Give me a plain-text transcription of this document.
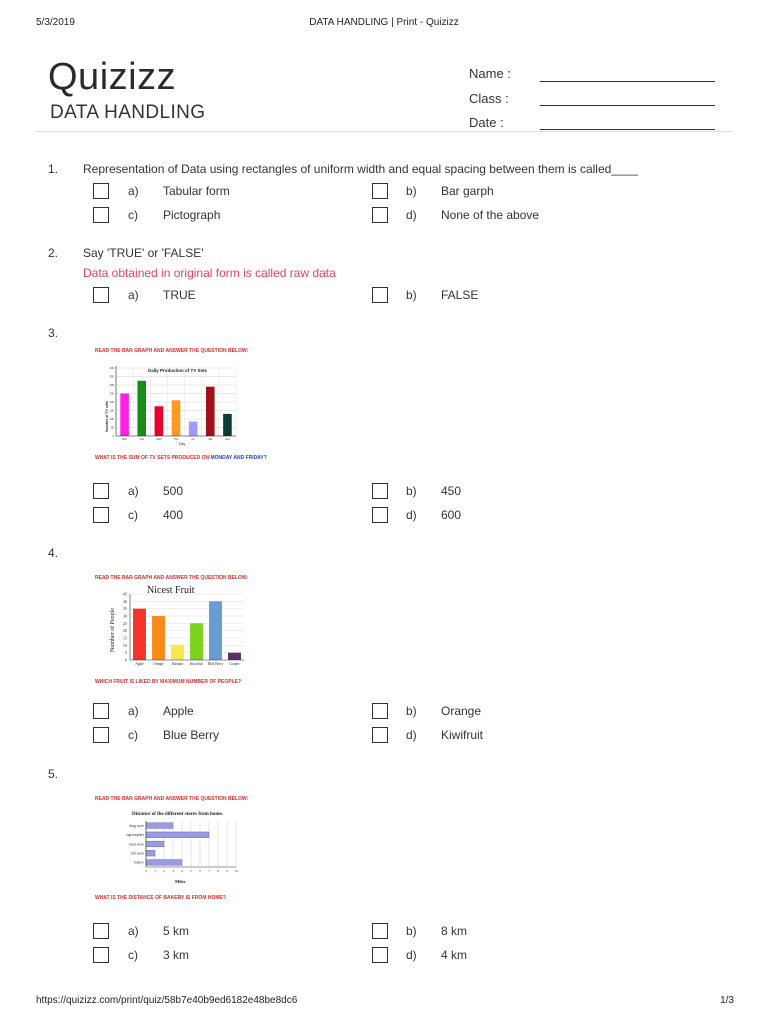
5/3/2019	DATA HANDLING | Print - Quizizz
Quizizz
DATA HANDLING
Name :
Class :
Date :
1. Representation of Data using rectangles of uniform width and equal spacing between them is called____
a) Tabular form	b) Bar garph
c) Pictograph	d) None of the above
2. Say 'TRUE' or 'FALSE'
Data obtained in original form is called raw data
a) TRUE	b) FALSE
3.
READ THE BAR GRAPH AND ANSWER THE QUESTION BELOW:
Daily Production of TV Sets
Number of TV sets
Day
0
50
100
150
200
250
300
350
400
Mon	Tue	Wed	Thu	Fri	Sat	Sun
WHAT IS THE SUM OF TV SETS PRODUCED ON MONDAY AND FRIDAY?
a) 500	b) 450
c) 400	d) 600
4.
READ THE BAR GRAPH AND ANSWER THE QUESTION BELOW:
Nicest Fruit
Number of People
0
5
10
15
20
25
30
35
40
45
Apple	Orange Banana Kiwifruit Blue Berry Grapes
WHICH FRUIT IS LIKED BY MAXIMUM NUMBER OF PEOPLE?
a) Apple	b) Orange
c) Blue Berry	d) Kiwifruit
5.
READ THE BAR GRAPH AND ANSWER THE QUESTION BELOW:
Distance of the different stores from home.
Miles
0 1 2 3 4 5 6 7 8 9 10
drug store
supermarket
meat store
fish store
bakery
WHAT IS THE DISTANCE OF BAKERY IS FROM HOME?
a) 5 km	b) 8 km
c) 3 km	d) 4 km
https://quizizz.com/print/quiz/58b7e40b9ed6182e48be8dc6	1/3
